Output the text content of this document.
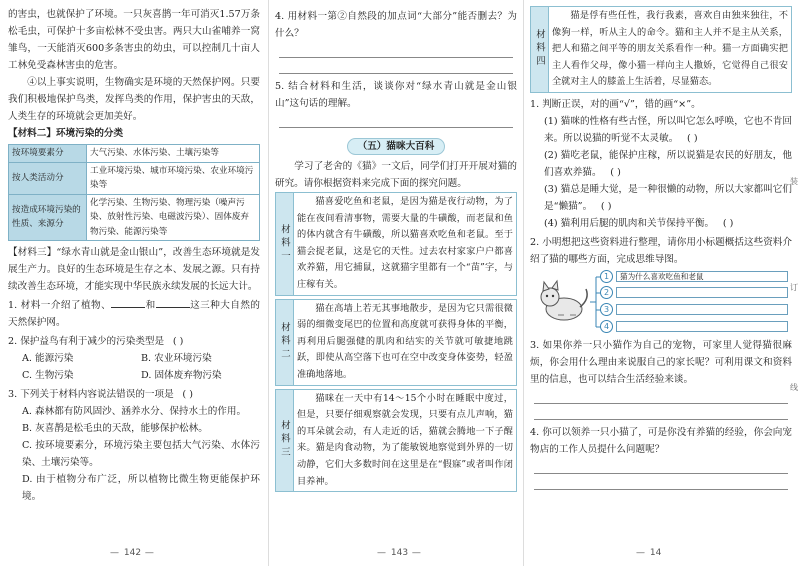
的害虫，也就保护了环境。一只灰喜鹊一年可消灭1.57万条松毛虫，可保护十多亩松林不受虫害。两只大山雀哺养一窝雏鸟，一天能消灭600多条害虫的幼虫，可以控制几十亩人工林免受森林害虫的危害。
④以上事实说明，生物确实是环境的天然保护网。只要我们积极地保护鸟类，发挥鸟类的作用，保护害虫的天敌，人类生存的环境就会更加美好。
【材料二】环境污染的分类
按环境要素分	大气污染、水体污染、土壤污染等
按人类活动分	工业环境污染、城市环境污染、农业环境污染等
按造成环境污染的性质、来源分	化学污染、生物污染、物理污染（噪声污染、放射性污染、电磁波污染）、固体废弃物污染、能源污染等
【材料三】“绿水青山就是金山银山”，改善生态环境就是发展生产力。良好的生态环境是生存之本、发展之源。只有持续改善生态环境，才能实现中华民族永续发展的长远大计。
1. 材料一介绍了植物、	和	这三种大自然的天然保护网。
2. 保护益鸟有利于减少的污染类型是 ( )
A. 能源污染	B. 农业环境污染
C. 生物污染	D. 固体废弃物污染
3. 下列关于材料内容说法错误的一项是 ( )
A. 森林都有防风固沙、涵养水分、保持水土的作用。
B. 灰喜鹊是松毛虫的天敌，能够保护松林。
C. 按环境要素分，环境污染主要包括大气污染、水体污染、土壤污染等。
D. 由于植物分布广泛，所以植物比微生物更能保护环境。
— 142 —
4. 用材料一第②自然段的加点词“大部分”能否删去？为什么？
5. 结合材料和生活，谈谈你对“绿水青山就是金山银山”这句话的理解。
（五）猫咪大百科
学习了老舍的《猫》一文后，同学们打开开展对猫的研究。请你根据资料来完成下面的探究问题。
材料一
猫喜爱吃鱼和老鼠，是因为猫是夜行动物，为了能在夜间看清事物，需要大量的牛磺酸，而老鼠和鱼的体内就含有牛磺酸，所以猫喜欢吃鱼和老鼠。至于猫会捉老鼠，这是它的天性。过去农村家家户户都喜欢养猫，用它捕鼠，这就猫字里都有一个“苗”字，与庄稼有关。
材料二
猫在高墙上若无其事地散步，是因为它只需很微弱的细微变尾巴的位置和高度就可获得身体的平衡，再利用后腿强健的肌肉和结实的关节就可敏捷地跳跃，即使从高空落下也可在空中改变身体姿势，轻盈准确地落地。
材料三
猫咪在一天中有14～15个小时在睡眠中度过，但是，只要仔细观察就会发现，只要有点儿声响，猫的耳朵就会动，有人走近的话，猫就会腾地一下子醒来。猫是肉食动物，为了能敏锐地察觉到外界的一切动静，它们大多数时间在这里是在“假寐”或者叫作闭目养神。
— 143 —
材料四
猫是俘有些任性，我行我素，喜欢自由独来独往，不像狗一样，听从主人的命令。猫和主人并不是主从关系，把人和猫之间平等的朋友关系看作一种。猫一方面确实把主人看作父母，像小猫一样向主人撒娇，它觉得自己很安全就对主人的膝盖上生活着，尽显猫态。
1. 判断正误，对的画“√”，错的画“×”。
(1) 猫咪的性格有些古怪，所以叫它怎么呼唤，它也不肯回来。所以说猫的听觉不太灵敏。 ( )
(2) 猫吃老鼠，能保护庄稼，所以说猫是农民的好朋友，他们喜欢养猫。 ( )
(3) 猫总是睡大觉，是一种很懒的动物，所以大家都叫它们是“懒猫”。 ( )
(4) 猫利用后腿的肌肉和关节保持平衡。 ( )
2. 小明想把这些资料进行整理，请你用小标题概括这些资料介绍了猫的哪些方面，完成思维导图。
1	猫为什么喜欢吃鱼和老鼠
2
3
4
3. 如果你养一只小猫作为自己的宠物，可家里人觉得猫很麻烦，你会用什么理由来说服自己的家长呢？可利用课文和资料里的信息，也可以结合生活经验来谈。
4. 你可以领养一只小猫了，可是你没有养猫的经验，你会向宠物店的工作人员提什么问题呢？
装
订
线
— 14
